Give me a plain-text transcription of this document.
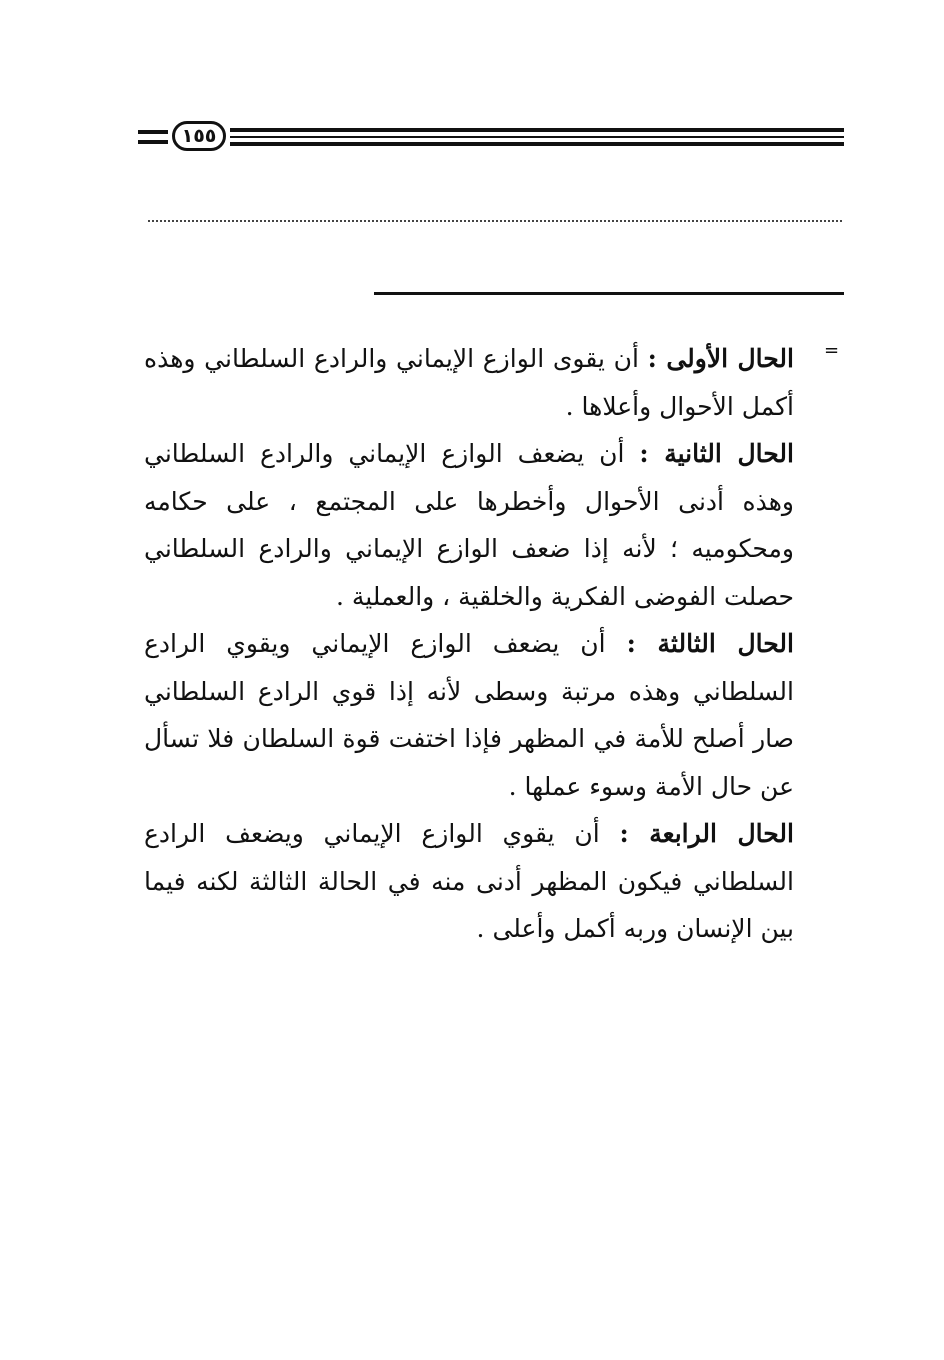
١٥٥
=

الحال الأولى : أن يقوى الوازع الإيماني والرادع السلطاني وهذه أكمل الأحوال وأعلاها .

الحال الثانية : أن يضعف الوازع الإيماني والرادع السلطاني وهذه أدنى الأحوال وأخطرها على المجتمع ، على حكامه ومحكوميه ؛ لأنه إذا ضعف الوازع الإيماني والرادع السلطاني حصلت الفوضى الفكرية والخلقية ، والعملية .

الحال الثالثة : أن يضعف الوازع الإيماني ويقوي الرادع السلطاني وهذه مرتبة وسطى لأنه إذا قوي الرادع السلطاني صار أصلح للأمة في المظهر فإذا اختفت قوة السلطان فلا تسأل عن حال الأمة وسوء عملها .

الحال الرابعة : أن يقوي الوازع الإيماني ويضعف الرادع السلطاني فيكون المظهر أدنى منه في الحالة الثالثة لكنه فيما بين الإنسان وربه أكمل وأعلى .
